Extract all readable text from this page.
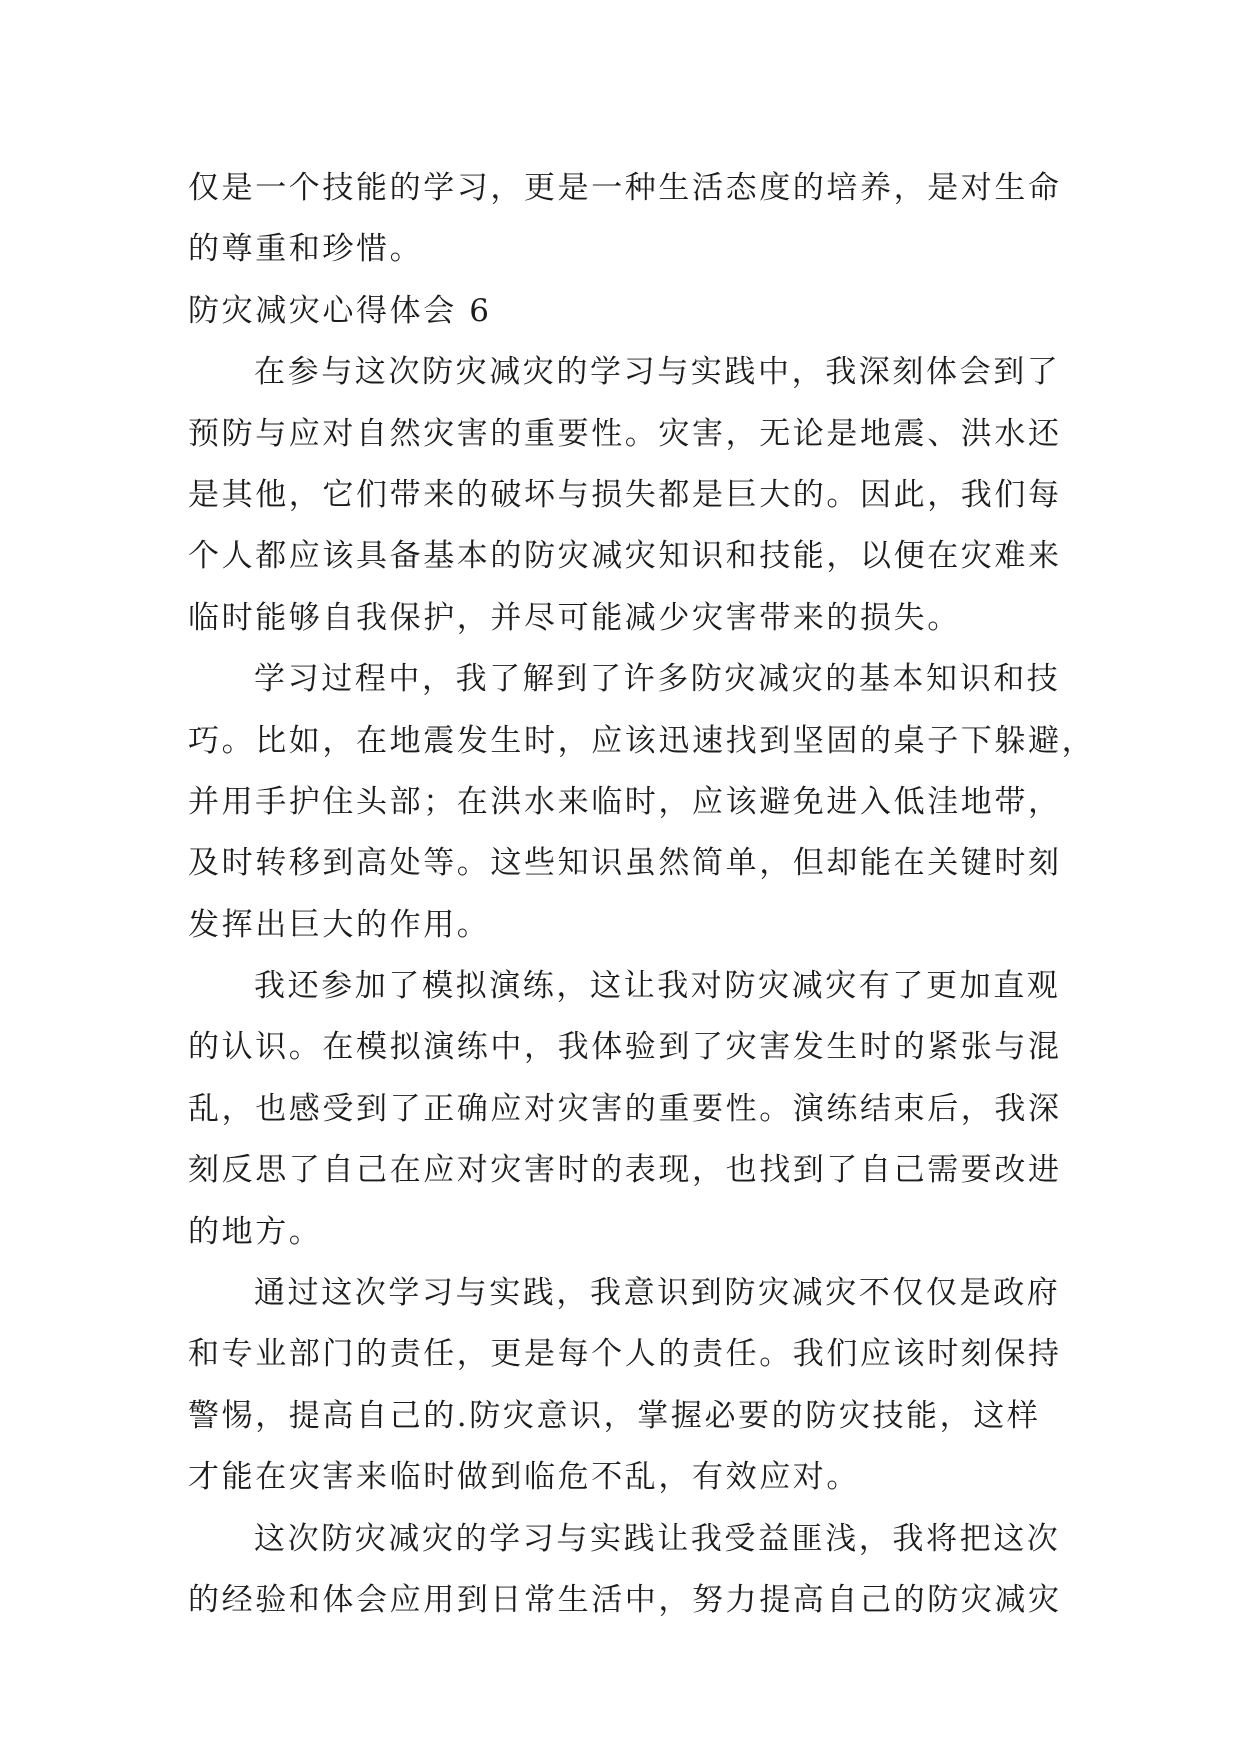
仅是一个技能的学习，更是一种生活态度的培养，是对生命
的尊重和珍惜。
防灾减灾心得体会 6
在参与这次防灾减灾的学习与实践中，我深刻体会到了
预防与应对自然灾害的重要性。灾害，无论是地震、洪水还
是其他，它们带来的破坏与损失都是巨大的。因此，我们每
个人都应该具备基本的防灾减灾知识和技能，以便在灾难来
临时能够自我保护，并尽可能减少灾害带来的损失。
学习过程中，我了解到了许多防灾减灾的基本知识和技
巧。比如，在地震发生时，应该迅速找到坚固的桌子下躲避，
并用手护住头部；在洪水来临时，应该避免进入低洼地带，
及时转移到高处等。这些知识虽然简单，但却能在关键时刻
发挥出巨大的作用。
我还参加了模拟演练，这让我对防灾减灾有了更加直观
的认识。在模拟演练中，我体验到了灾害发生时的紧张与混
乱，也感受到了正确应对灾害的重要性。演练结束后，我深
刻反思了自己在应对灾害时的表现，也找到了自己需要改进
的地方。
通过这次学习与实践，我意识到防灾减灾不仅仅是政府
和专业部门的责任，更是每个人的责任。我们应该时刻保持
警惕，提高自己的.防灾意识，掌握必要的防灾技能，这样
才能在灾害来临时做到临危不乱，有效应对。
这次防灾减灾的学习与实践让我受益匪浅，我将把这次
的经验和体会应用到日常生活中，努力提高自己的防灾减灾
